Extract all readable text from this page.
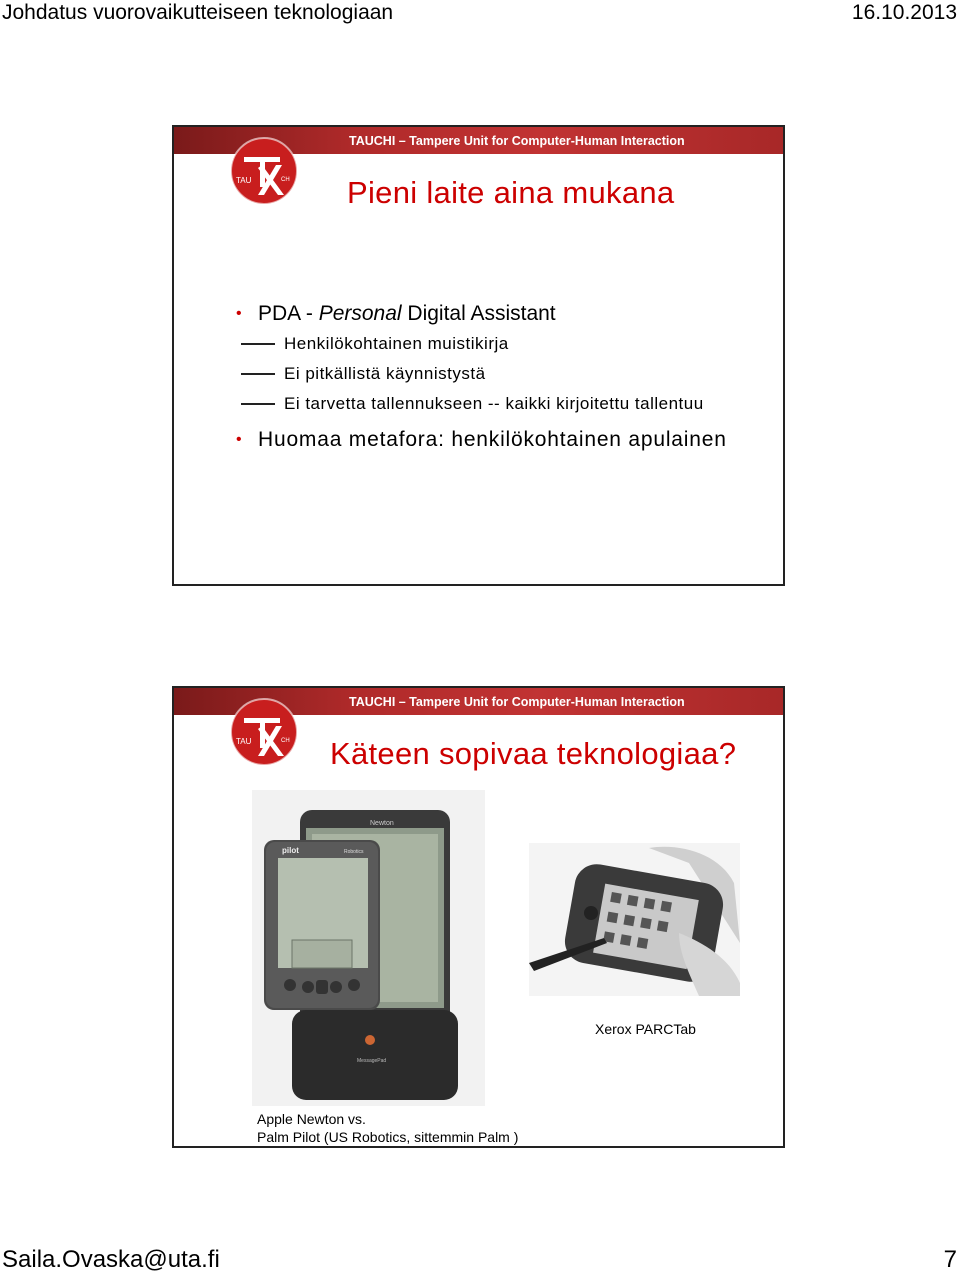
Johdatus vuorovaikutteiseen teknologiaan	16.10.2013
TAUCHI – Tampere Unit for Computer-Human Interaction
TAU	CH Pieni laite aina mukana
• PDA - Personal Digital Assistant
Henkilökohtainen muistikirja
Ei pitkällistä käynnistystä
Ei tarvetta tallennukseen -- kaikki kirjoitettu tallentuu
• Huomaa metafora: henkilökohtainen apulainen
TAUCHI – Tampere Unit for Computer-Human Interaction
TAU	CH Käteen sopivaa teknologiaa?
Newton
MessagePad
pilot	Robotics
Xerox PARCTab
Apple Newton vs.
Palm Pilot (US Robotics, sittemmin Palm )
Saila.Ovaska@uta.fi	7
